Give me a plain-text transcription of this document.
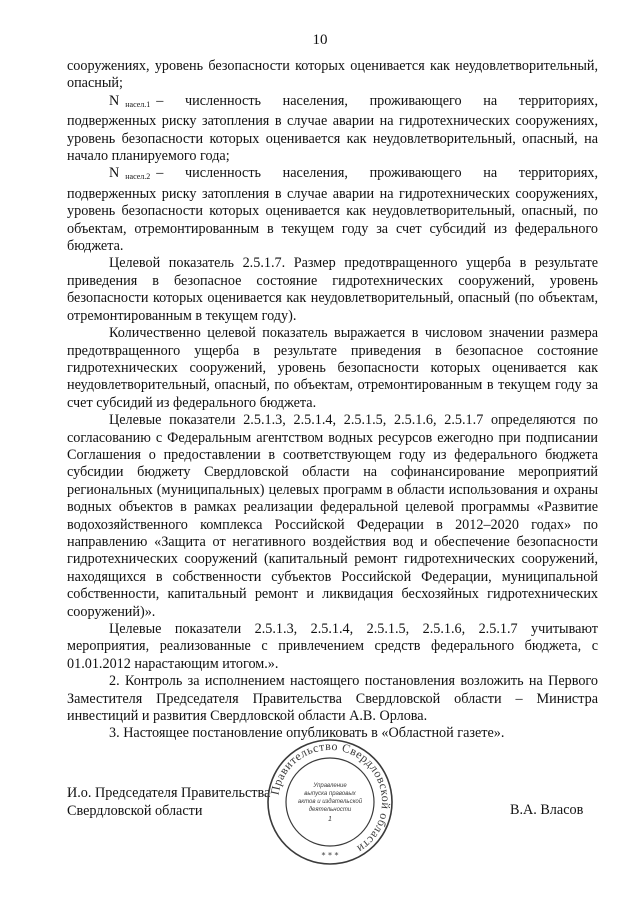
10

сооружениях, уровень безопасности которых оценивается как неудовлетворительный, опасный;

N $_{насел.1}$ – численность населения, проживающего на территориях, подверженных риску затопления в случае аварии на гидротехнических сооружениях, уровень безопасности которых оценивается как неудовлетворительный, опасный, на начало планируемого года;

N $_{насел.2}$ – численность населения, проживающего на территориях, подверженных риску затопления в случае аварии на гидротехнических сооружениях, уровень безопасности которых оценивается как неудовлетворительный, опасный, по объектам, отремонтированным в текущем году за счет субсидий из федерального бюджета.

Целевой показатель 2.5.1.7. Размер предотвращенного ущерба в результате приведения в безопасное состояние гидротехнических сооружений, уровень безопасности которых оценивается как неудовлетворительный, опасный (по объектам, отремонтированным в текущем году).

Количественно целевой показатель выражается в числовом значении размера предотвращенного ущерба в результате приведения в безопасное состояние гидротехнических сооружений, уровень безопасности которых оценивается как неудовлетворительный, опасный, по объектам, отремонтированным в текущем году за счет субсидий из федерального бюджета.

Целевые показатели 2.5.1.3, 2.5.1.4, 2.5.1.5, 2.5.1.6, 2.5.1.7 определяются по согласованию с Федеральным агентством водных ресурсов ежегодно при подписании Соглашения о предоставлении в соответствующем году из федерального бюджета субсидии бюджету Свердловской области на софинансирование мероприятий региональных (муниципальных) целевых программ в области использования и охраны водных объектов в рамках реализации федеральной целевой программы «Развитие водохозяйственного комплекса Российской Федерации в 2012–2020 годах» по направлению «Защита от негативного воздействия вод и обеспечение безопасности гидротехнических сооружений (капитальный ремонт гидротехнических сооружений, находящихся в собственности субъектов Российской Федерации, муниципальной собственности, капитальный ремонт и ликвидация бесхозяйных гидротехнических сооружений)».

Целевые показатели 2.5.1.3, 2.5.1.4, 2.5.1.5, 2.5.1.6, 2.5.1.7 учитывают мероприятия, реализованные с привлечением средств федерального бюджета, с 01.01.2012 нарастающим итогом.».

2. Контроль за исполнением настоящего постановления возложить на Первого Заместителя Председателя Правительства Свердловской области – Министра инвестиций и развития Свердловской области А.В. Орлова.

3. Настоящее постановление опубликовать в «Областной газете».

И.о. Председателя Правительства
Свердловской области	В.А. Власов
Правительство Свердловской области
Управление
выпуска правовых
актов и издательской
деятельности
1
* * *
